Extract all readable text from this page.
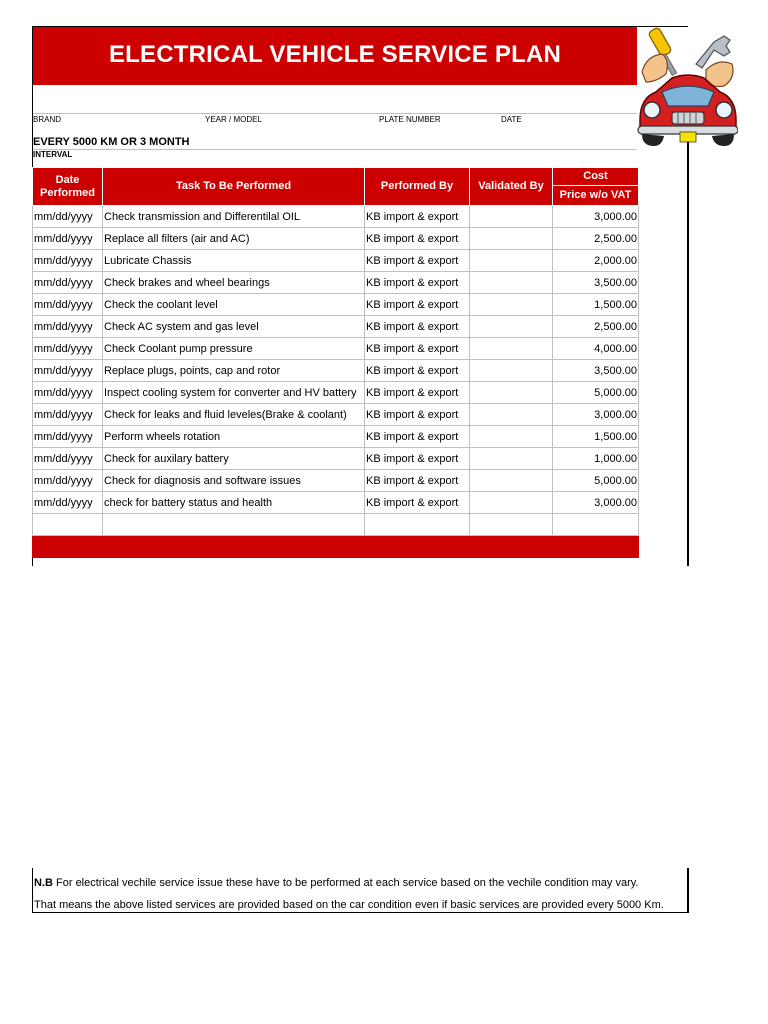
ELECTRICAL VEHICLE SERVICE PLAN
BRAND	YEAR / MODEL	PLATE NUMBER	DATE
EVERY 5000 KM OR 3 MONTH
INTERVAL
Date Performed	Task To Be Performed	Performed By	Validated By	Cost
				Price w/o VAT
mm/dd/yyyy	Check transmission and Differentilal OIL	KB import & export		3,000.00
mm/dd/yyyy	Replace all filters (air and AC)	KB import & export		2,500.00
mm/dd/yyyy	Lubricate Chassis	KB import & export		2,000.00
mm/dd/yyyy	Check brakes and wheel bearings	KB import & export		3,500.00
mm/dd/yyyy	Check the coolant level	KB import & export		1,500.00
mm/dd/yyyy	Check AC system and gas level	KB import & export		2,500.00
mm/dd/yyyy	Check Coolant pump pressure	KB import & export		4,000.00
mm/dd/yyyy	Replace plugs, points, cap and rotor	KB import & export		3,500.00
mm/dd/yyyy	Inspect cooling system for converter and HV battery	KB import & export		5,000.00
mm/dd/yyyy	Check for leaks and fluid leveles(Brake & coolant)	KB import & export		3,000.00
mm/dd/yyyy	Perform wheels rotation	KB import & export		1,500.00
mm/dd/yyyy	Check for auxilary battery	KB import & export		1,000.00
mm/dd/yyyy	Check for diagnosis and software issues	KB import & export		5,000.00
mm/dd/yyyy	check for battery status and health	KB import & export		3,000.00

N.B For electrical vechile service issue these have to be performed at each service based on the vechile condition may vary.
That means the above listed services are provided based on the car condition even if basic services are provided every 5000 Km.
